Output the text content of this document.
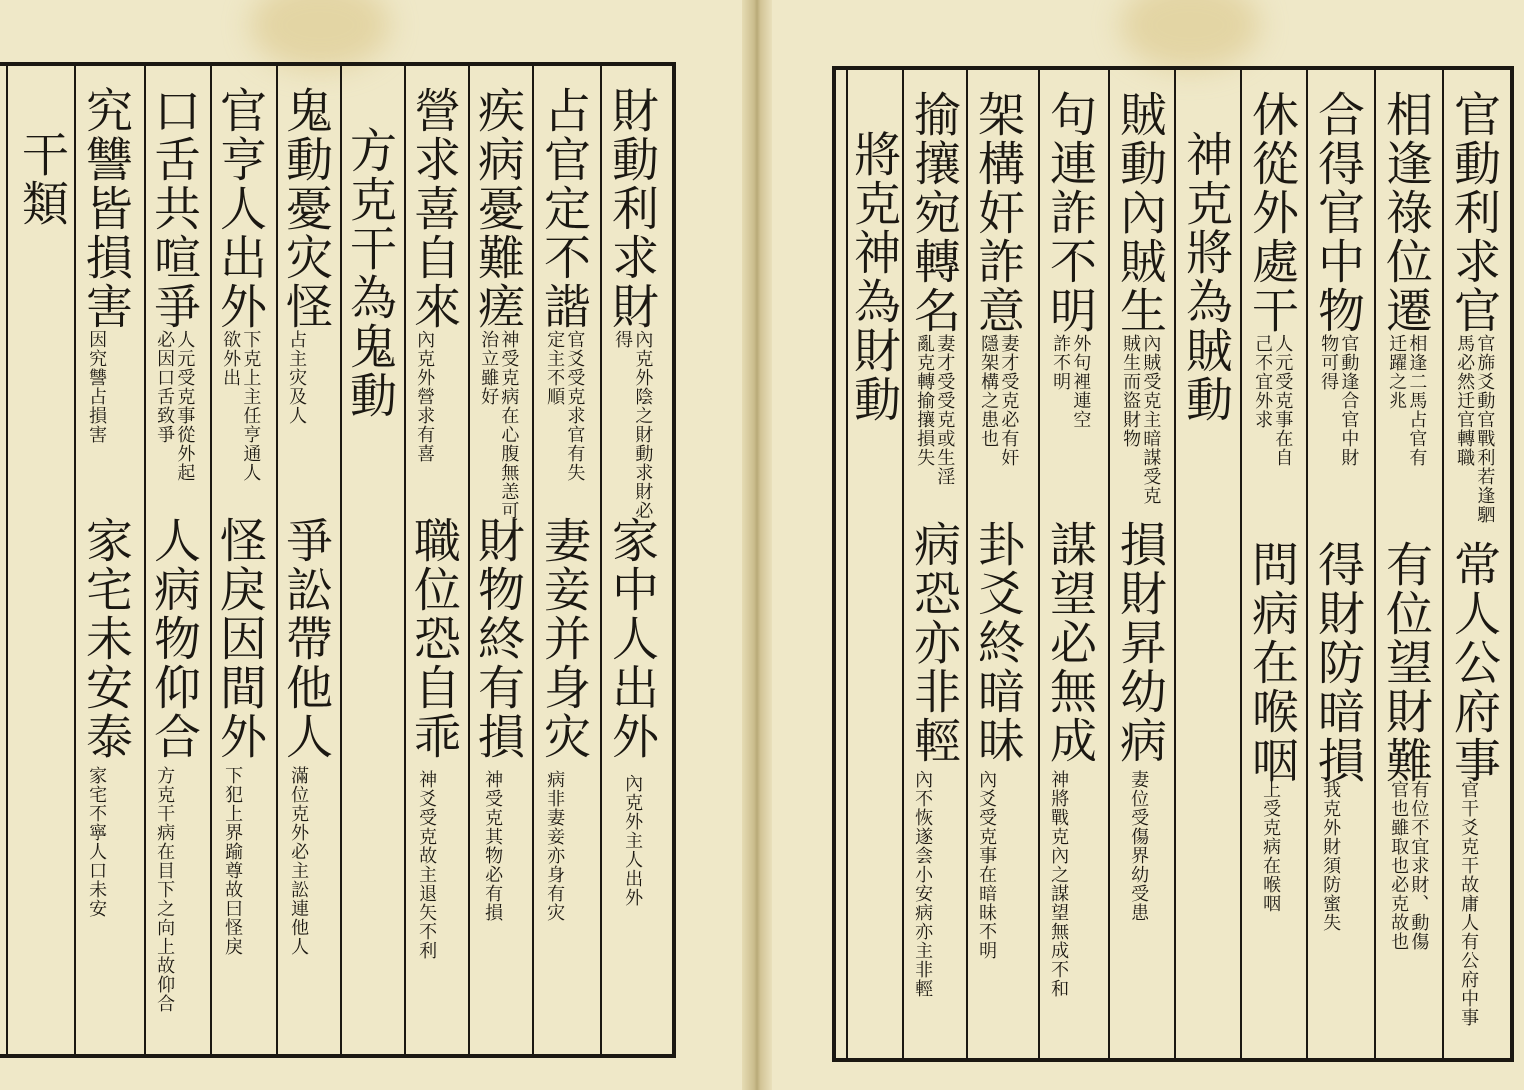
官動利求官
官旆爻動官戰利若逢駟馬必然迁官轉職
常人公府事
官干爻克干故庸人有公府中事
相逢祿位遷
相逢二馬占官有迁躍之兆
有位望財難
有位不宜求財、動傷官也雖取也必克故也
合得官中物
官動逢合官中財物可得
得財防暗損
我克外財須防蜜失
休從外處干
人元受克事在自己不宜外求
問病在喉咽
上受克病在喉咽
神克將為賊動
賊動內賊生
內賊受克主暗謀受克賊生而盜財物
損財昇幼病
妻位受傷界幼受患
句連詐不明
外句裡連空詐不明
謀望必無成
神將戰克內之謀望無成不和
架構奸詐意
妻才受克必有奸隱架構之患也
卦爻終暗昧
內爻受克事在暗昧不明
揄攘宛轉名
妻才受受克或生淫亂克轉揄攘損失
病恐亦非輕
內不恢遂侌小安病亦主非輕
將克神為財動
財動利求財
內克外陰之財動求財必得
家中人出外
內克外主人出外
占官定不諧
官爻受克求官有失定主不順
妻妾并身灾
病非妻妾亦身有灾
疾病憂難瘥
神受克病在心腹無恙可治立雖好
財物終有損
神受克其物必有損
營求喜自來
內克外營求有喜
職位恐自乖
神爻受克故主退矢不利
方克干為鬼動
鬼動憂灾怪
占主灾及人
爭訟帶他人
滿位克外必主訟連他人
官亨人出外
下克上主任亨通人欲外出
怪戾因間外
下犯上界踰尊故曰怪戾
口舌共喧爭
人元受克事從外起必因口舌致爭
人病物仰合
方克干病在目下之向上故仰合
究讐皆損害
因究讐占損害
家宅未安泰
家宅不寧人口未安
干類
